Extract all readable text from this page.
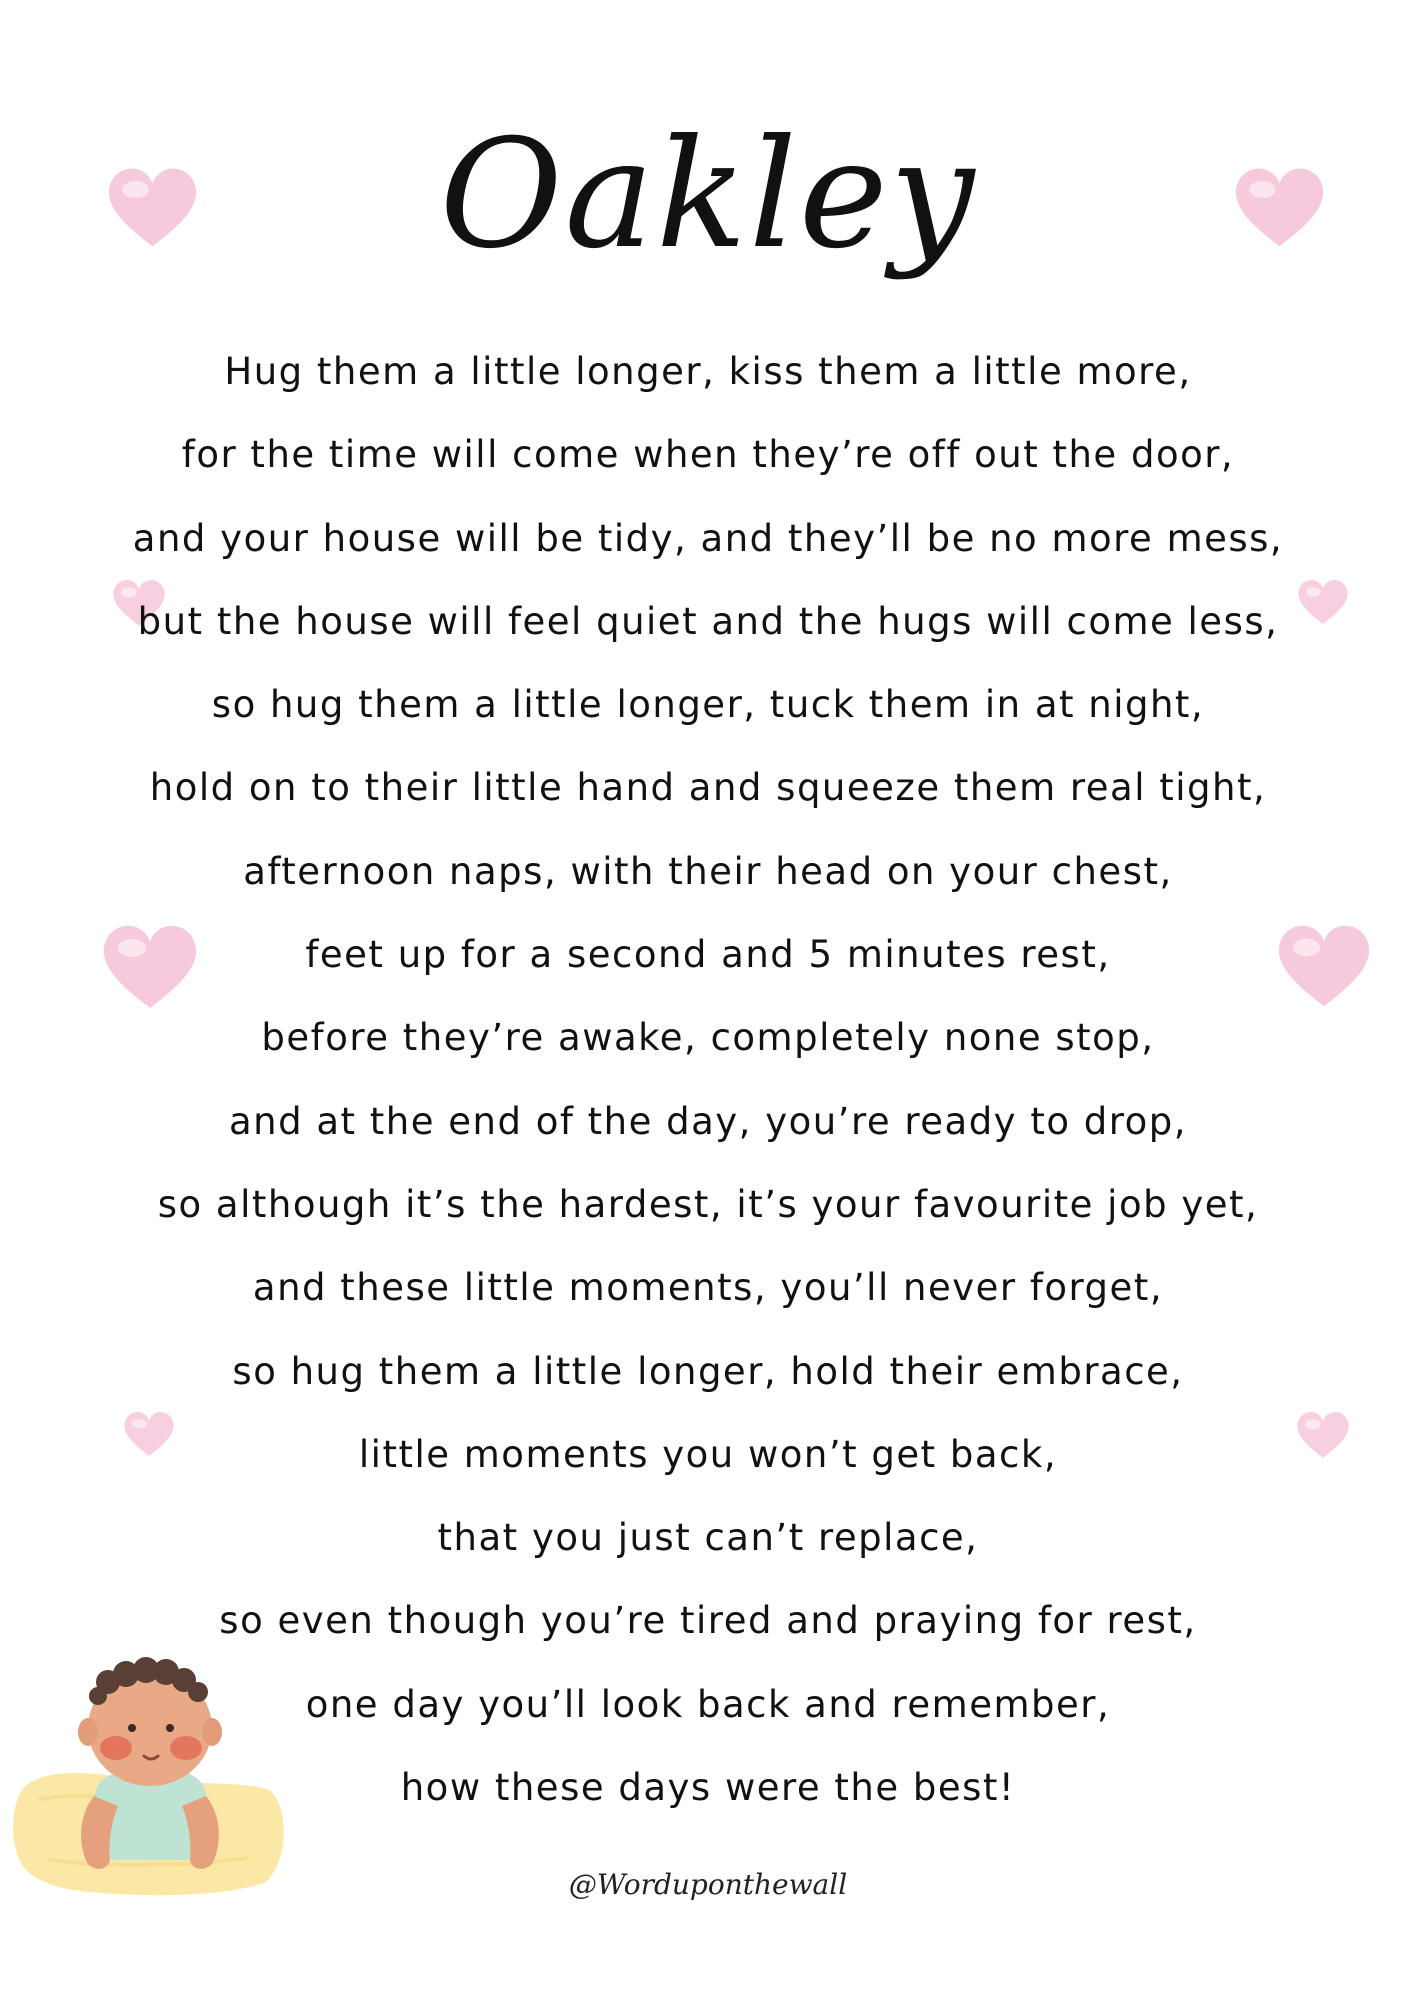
Oakley
Hug them a little longer, kiss them a little more,
for the time will come when they’re off out the door,
and your house will be tidy, and they’ll be no more mess,
but the house will feel quiet and the hugs will come less,
so hug them a little longer, tuck them in at night,
hold on to their little hand and squeeze them real tight,
afternoon naps, with their head on your chest,
feet up for a second and 5 minutes rest,
before they’re awake, completely none stop,
and at the end of the day, you’re ready to drop,
so although it’s the hardest, it’s your favourite job yet,
and these little moments, you’ll never forget,
so hug them a little longer, hold their embrace,
little moments you won’t get back,
that you just can’t replace,
so even though you’re tired and praying for rest,
one day you’ll look back and remember,
how these days were the best!
@Worduponthewall
